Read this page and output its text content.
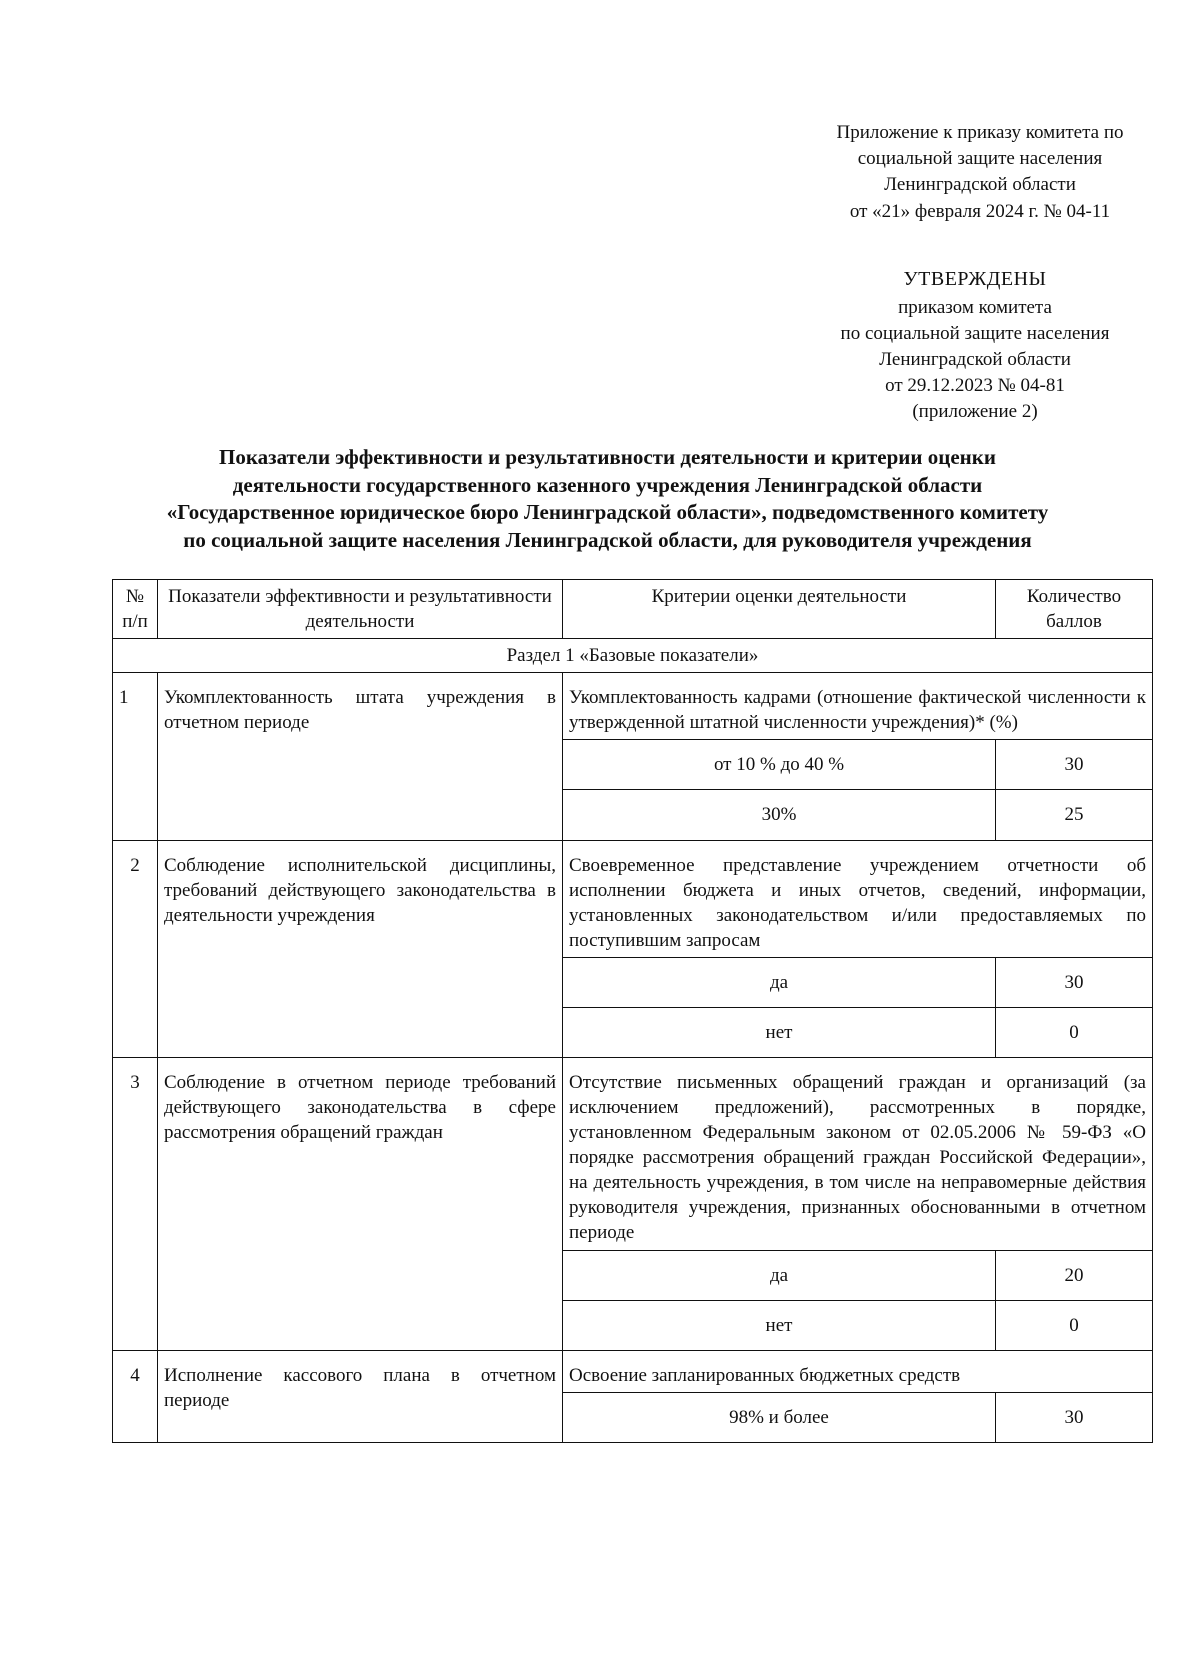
Приложение к приказу комитета по
социальной защите населения
Ленинградской области
от «21» февраля 2024 г. № 04-11
УТВЕРЖДЕНЫ
приказом комитета
по социальной защите населения
Ленинградской области
от 29.12.2023 № 04-81
(приложение 2)
Показатели эффективности и результативности деятельности и критерии оценки
деятельности государственного казенного учреждения Ленинградской области
«Государственное юридическое бюро Ленинградской области», подведомственного комитету
по социальной защите населения Ленинградской области, для руководителя учреждения
№ п/п	Показатели эффективности и результативности деятельности	Критерии оценки деятельности	Количество баллов
Раздел 1 «Базовые показатели»			
1	Укомплектованность штата учреждения в отчетном периоде	Укомплектованность кадрами (отношение фактической численности к утвержденной штатной численности учреждения)* (%)	
		от 10 % до 40 %	30
		30%	25
2	Соблюдение исполнительской дисциплины, требований действующего законодательства в деятельности учреждения	Своевременное представление учреждением отчетности об исполнении бюджета и иных отчетов, сведений, информации, установленных законодательством и/или предоставляемых по поступившим запросам	
		да	30
		нет	0
3	Соблюдение в отчетном периоде требований действующего законодательства в сфере рассмотрения обращений граждан	Отсутствие письменных обращений граждан и организаций (за исключением предложений), рассмотренных в порядке, установленном Федеральным законом от 02.05.2006 № 59-ФЗ «О порядке рассмотрения обращений граждан Российской Федерации», на деятельность учреждения, в том числе на неправомерные действия руководителя учреждения, признанных обоснованными в отчетном периоде	
		да	20
		нет	0
4	Исполнение кассового плана в отчетном периоде	Освоение запланированных бюджетных средств	
		98% и более	30
